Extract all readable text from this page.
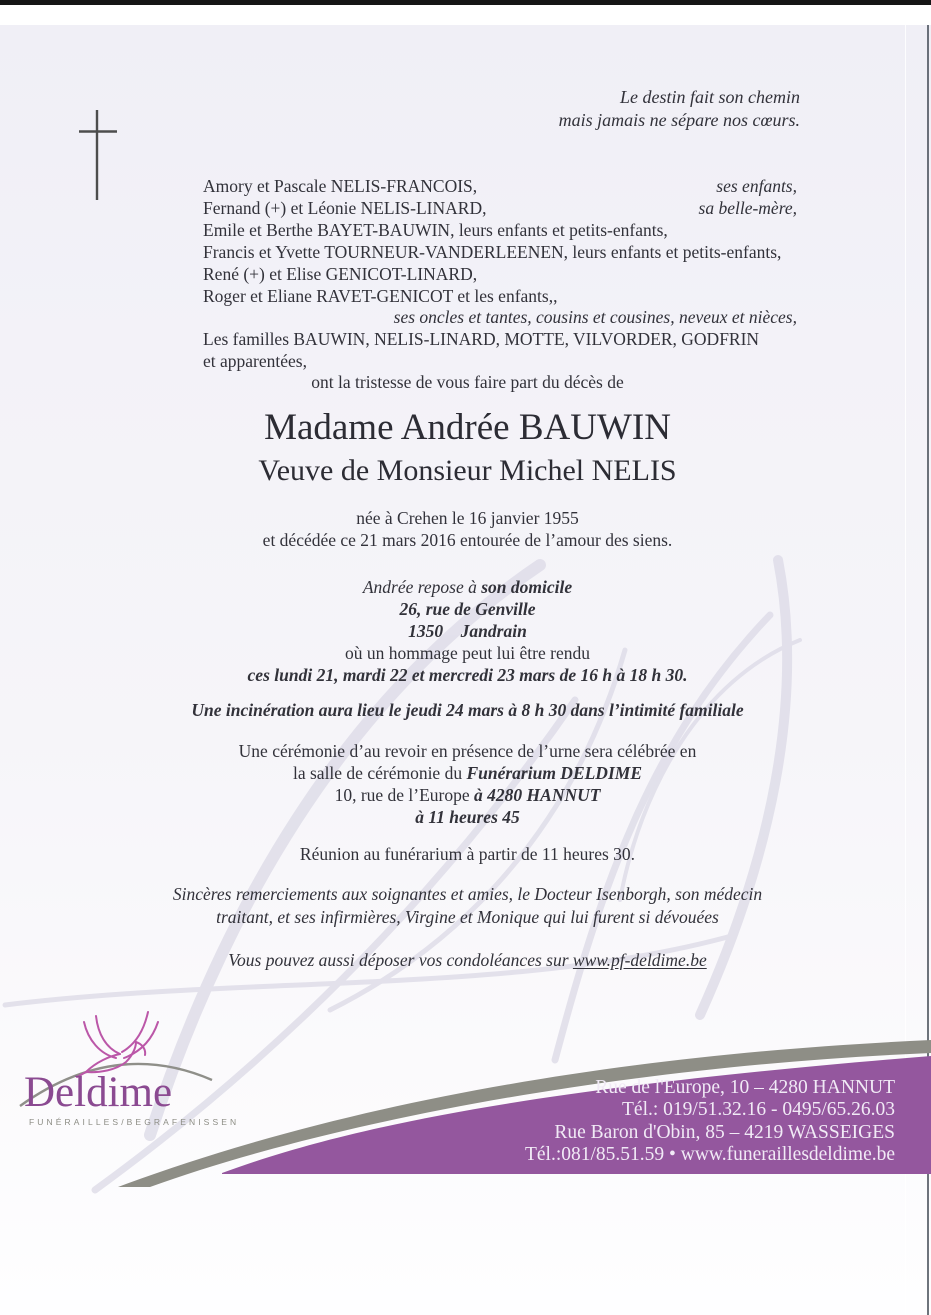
Le destin fait son chemin
mais jamais ne sépare nos cœurs.
Amory et Pascale NELIS-FRANCOIS,	ses enfants,
Fernand (+) et Léonie NELIS-LINARD,	sa belle-mère,
Emile et Berthe BAYET-BAUWIN, leurs enfants et petits-enfants,
Francis et Yvette TOURNEUR-VANDERLEENEN, leurs enfants et petits-enfants,
René (+) et Elise GENICOT-LINARD,
Roger et Eliane RAVET-GENICOT et les enfants,,
ses oncles et tantes, cousins et cousines, neveux et nièces,
Les familles BAUWIN, NELIS-LINARD, MOTTE, VILVORDER, GODFRIN
et apparentées,
ont la tristesse de vous faire part du décès de
Madame Andrée BAUWIN
Veuve de Monsieur Michel NELIS
née à Crehen le 16 janvier 1955
et décédée ce 21 mars 2016 entourée de l’amour des siens.
Andrée repose à son domicile
26, rue de Genville
1350    Jandrain
où un hommage peut lui être rendu
ces lundi 21, mardi 22 et mercredi 23 mars de 16 h à 18 h 30.
Une incinération aura lieu le jeudi 24 mars à 8 h 30 dans l’intimité familiale
Une cérémonie d’au revoir en présence de l’urne sera célébrée en
la salle de cérémonie du Funérarium DELDIME
10, rue de l’Europe à 4280 HANNUT
à 11 heures 45
Réunion au funérarium à partir de 11 heures 30.
Sincères remerciements aux soignantes et amies, le Docteur Isenborgh, son médecin
traitant, et ses infirmières, Virgine et Monique qui lui furent si dévouées
Vous pouvez aussi déposer vos condoléances sur www.pf-deldime.be
Deldime
FUNÉRAILLES/BEGRAFENISSEN
Rue de l'Europe, 10 – 4280 HANNUT
Tél.: 019/51.32.16 - 0495/65.26.03
Rue Baron d'Obin, 85 – 4219 WASSEIGES
Tél.:081/85.51.59 • www.funeraillesdeldime.be
